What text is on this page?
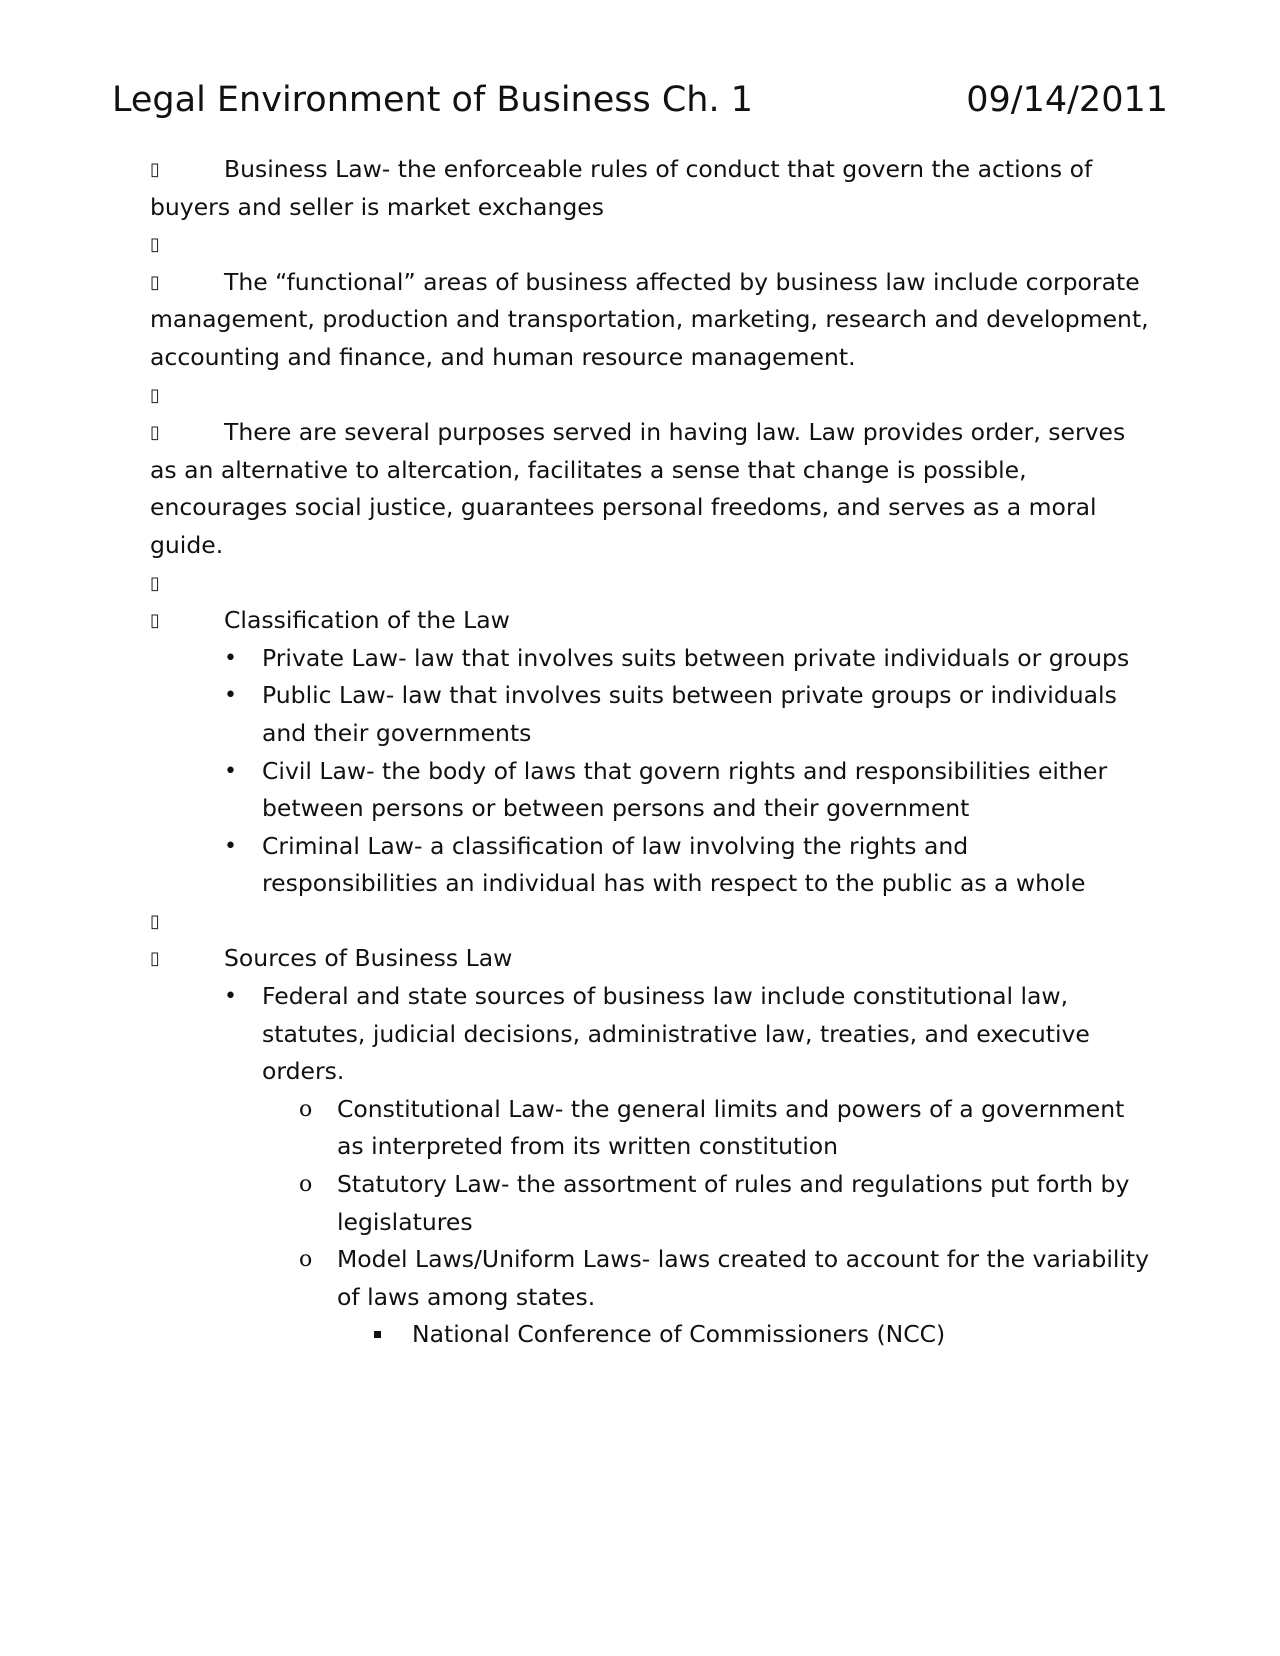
Legal Environment of Business Ch. 1	09/14/2011

▯	Business Law- the enforceable rules of conduct that govern the actions of buyers and seller is market exchanges

▯

▯	The “functional” areas of business affected by business law include corporate management, production and transportation, marketing, research and development, accounting and finance, and human resource management.

▯

▯	There are several purposes served in having law. Law provides order, serves as an alternative to altercation, facilitates a sense that change is possible, encourages social justice, guarantees personal freedoms, and serves as a moral guide.

▯

▯	Classification of the Law

• Private Law- law that involves suits between private individuals or groups
• Public Law- law that involves suits between private groups or individuals and their governments
• Civil Law- the body of laws that govern rights and responsibilities either between persons or between persons and their government
• Criminal Law- a classification of law involving the rights and responsibilities an individual has with respect to the public as a whole
▯

▯	Sources of Business Law

• Federal and state sources of business law include constitutional law, statutes, judicial decisions, administrative law, treaties, and executive orders.
o Constitutional Law- the general limits and powers of a government as interpreted from its written constitution
o Statutory Law- the assortment of rules and regulations put forth by legislatures
o Model Laws/Uniform Laws- laws created to account for the variability of laws among states.
National Conference of Commissioners (NCC)
